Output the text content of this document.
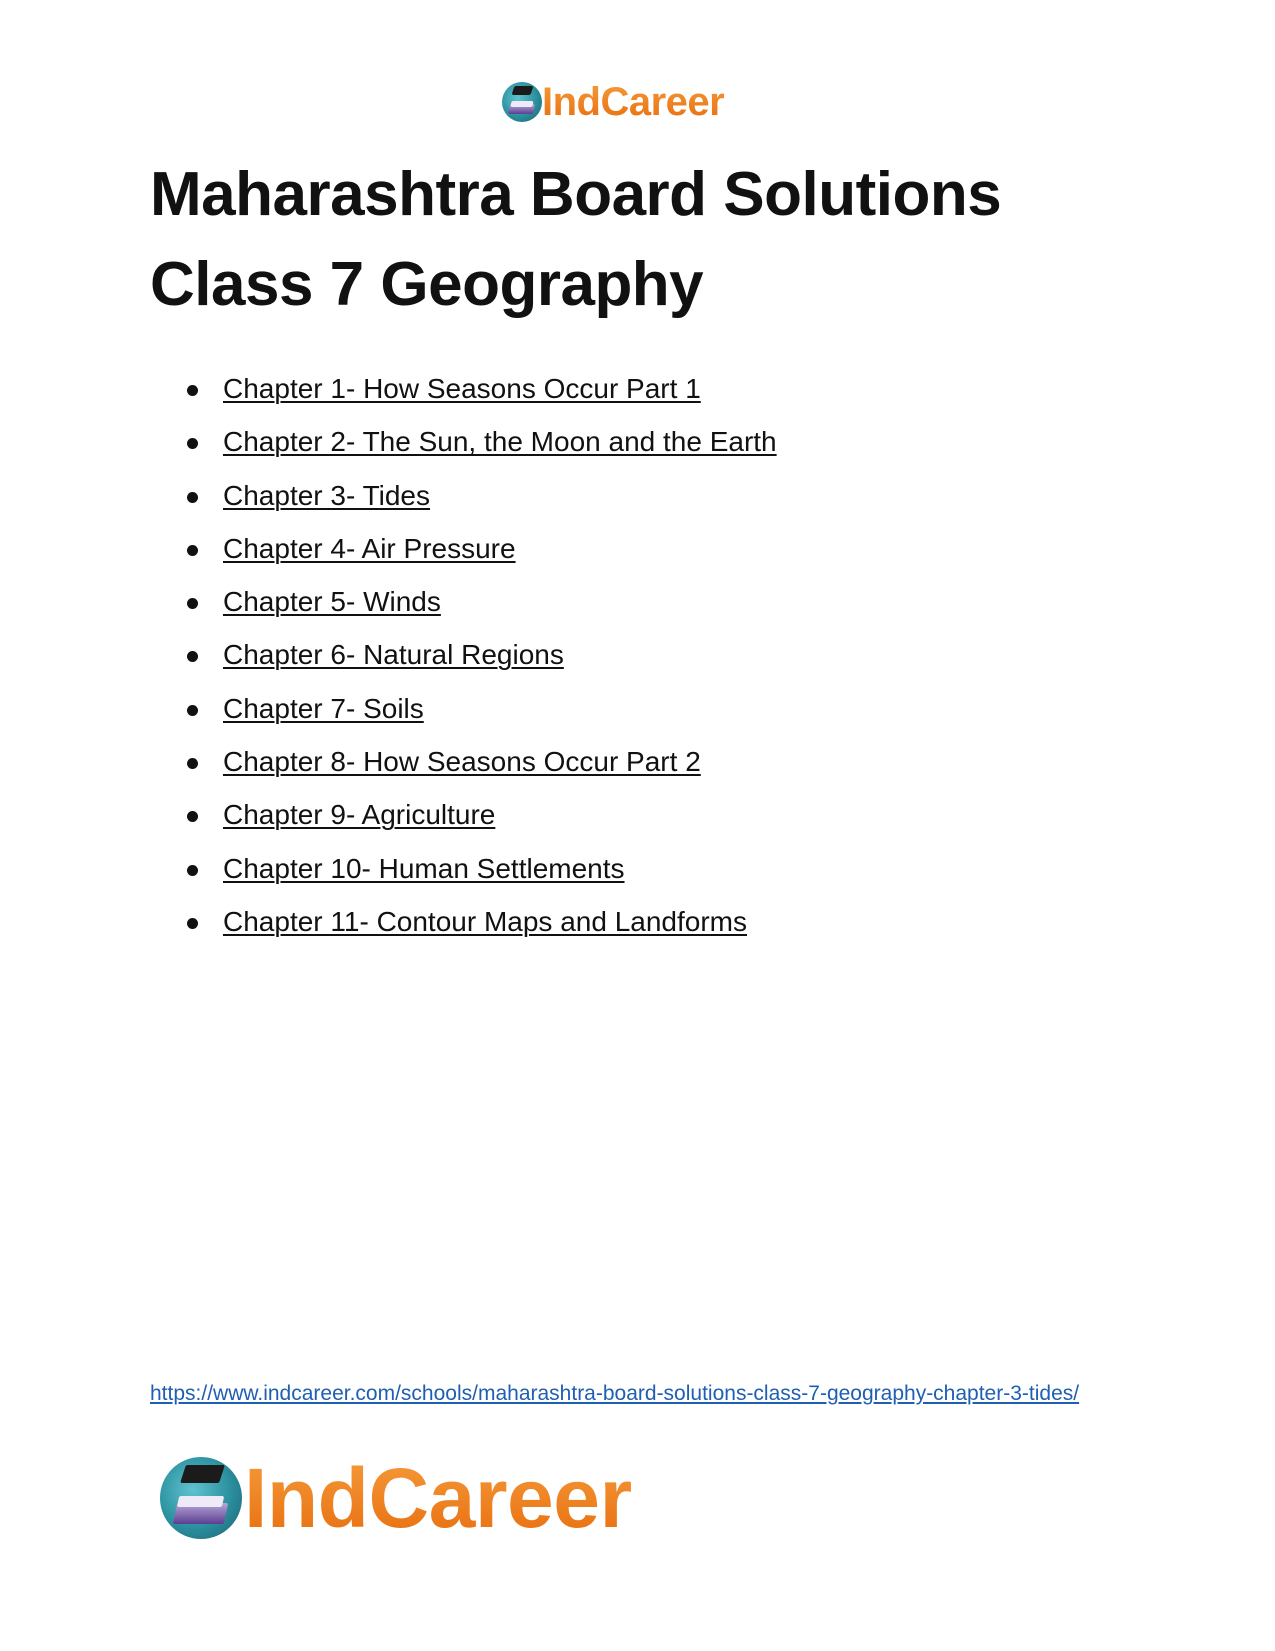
IndCareer
Maharashtra Board Solutions
Class 7 Geography
Chapter 1- How Seasons Occur Part 1
Chapter 2- The Sun, the Moon and the Earth
Chapter 3- Tides
Chapter 4- Air Pressure
Chapter 5- Winds
Chapter 6- Natural Regions
Chapter 7- Soils
Chapter 8- How Seasons Occur Part 2
Chapter 9- Agriculture
Chapter 10- Human Settlements
Chapter 11- Contour Maps and Landforms
https://www.indcareer.com/schools/maharashtra-board-solutions-class-7-geography-chapter-3-tides/
IndCareer
